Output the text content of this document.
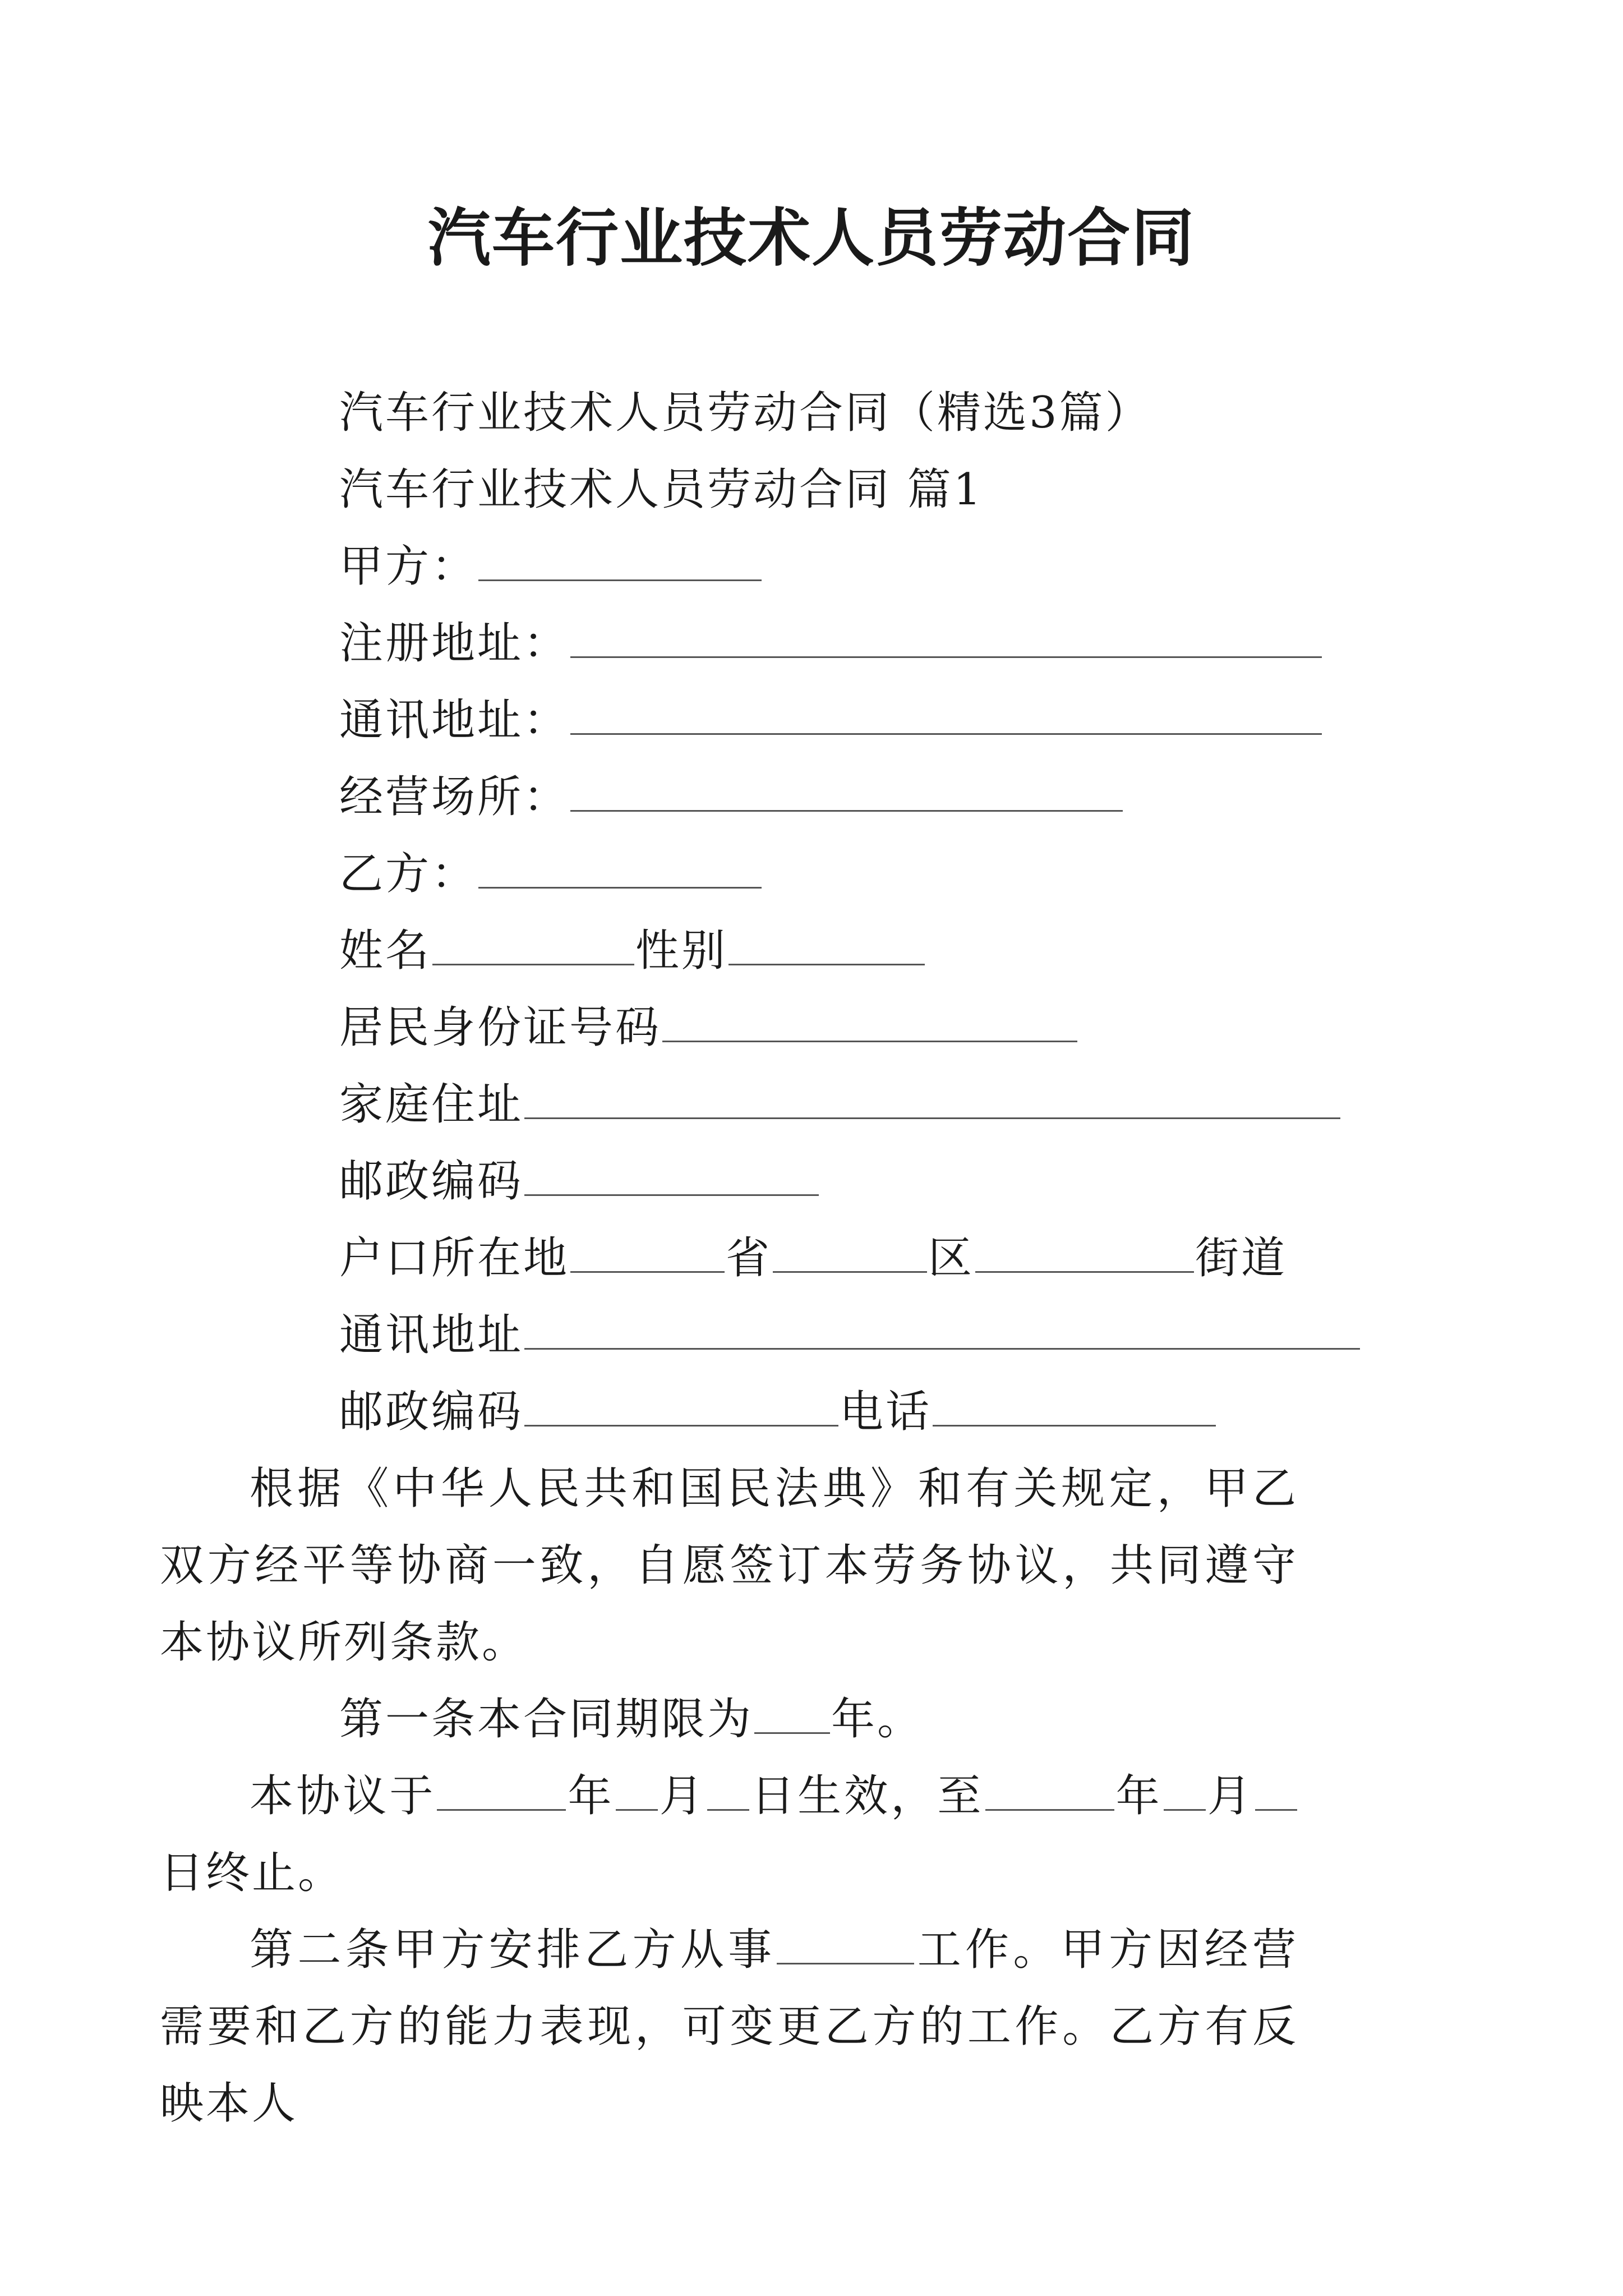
汽车行业技术人员劳动合同
汽车行业技术人员劳动合同（精选3篇）
汽车行业技术人员劳动合同 篇1
甲方：
注册地址：
通讯地址：
经营场所：
乙方：
姓名	性别
居民身份证号码
家庭住址
邮政编码
户口所在地	省	区	街道
通讯地址
邮政编码	电话

根据《中华人民共和国民法典》和有关规定，甲乙双方经平等协商一致，自愿签订本劳务协议，共同遵守本协议所列条款。

第一条本合同期限为 年。

本协议于	年 月 日生效，至	年 月日终止。

第二条甲方安排乙方从事	工作。甲方因经营需要和乙方的能力表现，可变更乙方的工作。乙方有反映本人
